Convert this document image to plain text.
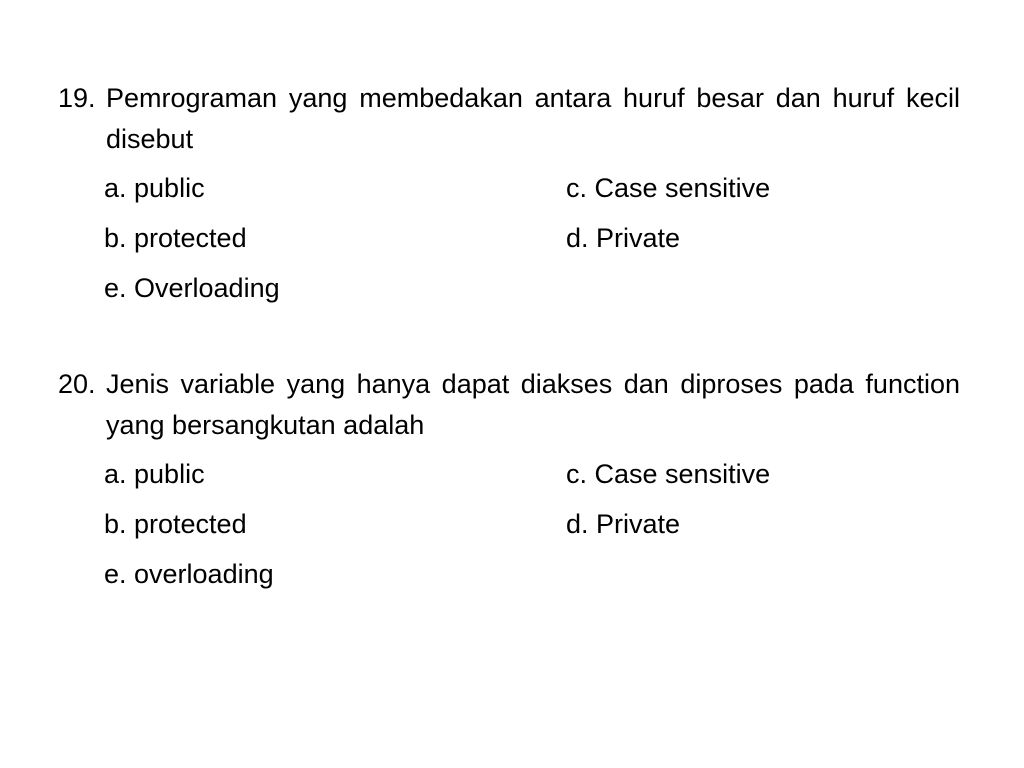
19. Pemrograman yang membedakan antara huruf besar dan huruf kecil disebut
a. public	c. Case sensitive
b. protected	d. Private
e. Overloading
20. Jenis variable yang hanya dapat diakses dan diproses pada function yang bersangkutan adalah
a. public	c. Case sensitive
b. protected	d. Private
e. overloading
